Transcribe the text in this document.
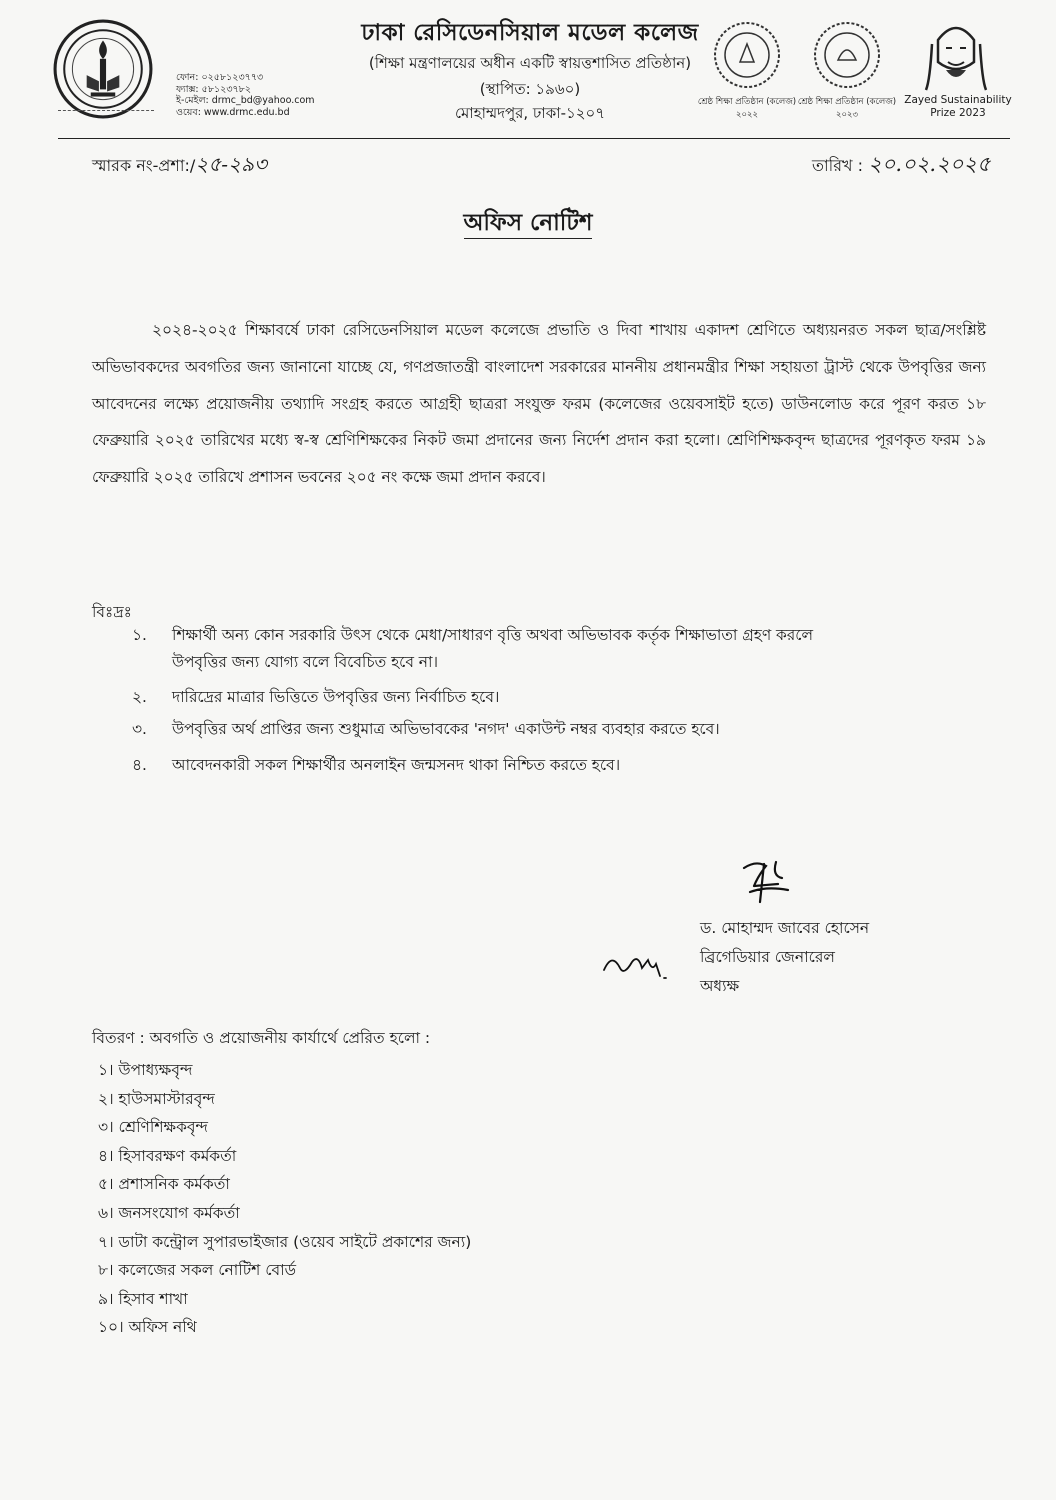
ফোন: ০২৫৮১২৩৭৭৩
ফ্যাক্স: ৫৮১২৩৭৮২
ই-মেইল: drmc_bd@yahoo.com
ওয়েব: www.drmc.edu.bd
ঢাকা রেসিডেনসিয়াল মডেল কলেজ
(শিক্ষা মন্ত্রণালয়ের অধীন একটি স্বায়ত্তশাসিত প্রতিষ্ঠান)
(স্থাপিত: ১৯৬০)
মোহাম্মদপুর, ঢাকা-১২০৭
শ্রেষ্ঠ শিক্ষা প্রতিষ্ঠান (কলেজ)
২০২২
শ্রেষ্ঠ শিক্ষা প্রতিষ্ঠান (কলেজ)
২০২৩
Zayed Sustainability
Prize 2023
স্মারক নং-প্রশা:/২৫-২৯৩	তারিখ : ২০.০২.২০২৫
অফিস নোটিশ
২০২৪-২০২৫ শিক্ষাবর্ষে ঢাকা রেসিডেনসিয়াল মডেল কলেজে প্রভাতি ও দিবা শাখায় একাদশ শ্রেণিতে অধ্যয়নরত সকল ছাত্র/সংশ্লিষ্ট অভিভাবকদের অবগতির জন্য জানানো যাচ্ছে যে, গণপ্রজাতন্ত্রী বাংলাদেশ সরকারের মাননীয় প্রধানমন্ত্রীর শিক্ষা সহায়তা ট্রাস্ট থেকে উপবৃত্তির জন্য আবেদনের লক্ষ্যে প্রয়োজনীয় তথ্যাদি সংগ্রহ করতে আগ্রহী ছাত্ররা সংযুক্ত ফরম (কলেজের ওয়েবসাইট হতে) ডাউনলোড করে পূরণ করত ১৮ ফেব্রুয়ারি ২০২৫ তারিখের মধ্যে স্ব-স্ব শ্রেণিশিক্ষকের নিকট জমা প্রদানের জন্য নির্দেশ প্রদান করা হলো। শ্রেণিশিক্ষকবৃন্দ ছাত্রদের পূরণকৃত ফরম ১৯ ফেব্রুয়ারি ২০২৫ তারিখে প্রশাসন ভবনের ২০৫ নং কক্ষে জমা প্রদান করবে।
বিঃদ্রঃ
১.	শিক্ষার্থী অন্য কোন সরকারি উৎস থেকে মেধা/সাধারণ বৃত্তি অথবা অভিভাবক কর্তৃক শিক্ষাভাতা গ্রহণ করলে
উপবৃত্তির জন্য যোগ্য বলে বিবেচিত হবে না।
২.	দারিদ্রের মাত্রার ভিত্তিতে উপবৃত্তির জন্য নির্বাচিত হবে।
৩.	উপবৃত্তির অর্থ প্রাপ্তির জন্য শুধুমাত্র অভিভাবকের 'নগদ' একাউন্ট নম্বর ব্যবহার করতে হবে।
৪.	আবেদনকারী সকল শিক্ষার্থীর অনলাইন জন্মসনদ থাকা নিশ্চিত করতে হবে।
ড. মোহাম্মদ জাবের হোসেন
ব্রিগেডিয়ার জেনারেল
অধ্যক্ষ
বিতরণ : অবগতি ও প্রয়োজনীয় কার্যার্থে প্রেরিত হলো :
১। উপাধ্যক্ষবৃন্দ
২। হাউসমাস্টারবৃন্দ
৩। শ্রেণিশিক্ষকবৃন্দ
৪। হিসাবরক্ষণ কর্মকর্তা
৫। প্রশাসনিক কর্মকর্তা
৬। জনসংযোগ কর্মকর্তা
৭। ডাটা কন্ট্রোল সুপারভাইজার (ওয়েব সাইটে প্রকাশের জন্য)
৮। কলেজের সকল নোটিশ বোর্ড
৯। হিসাব শাখা
১০। অফিস নথি
